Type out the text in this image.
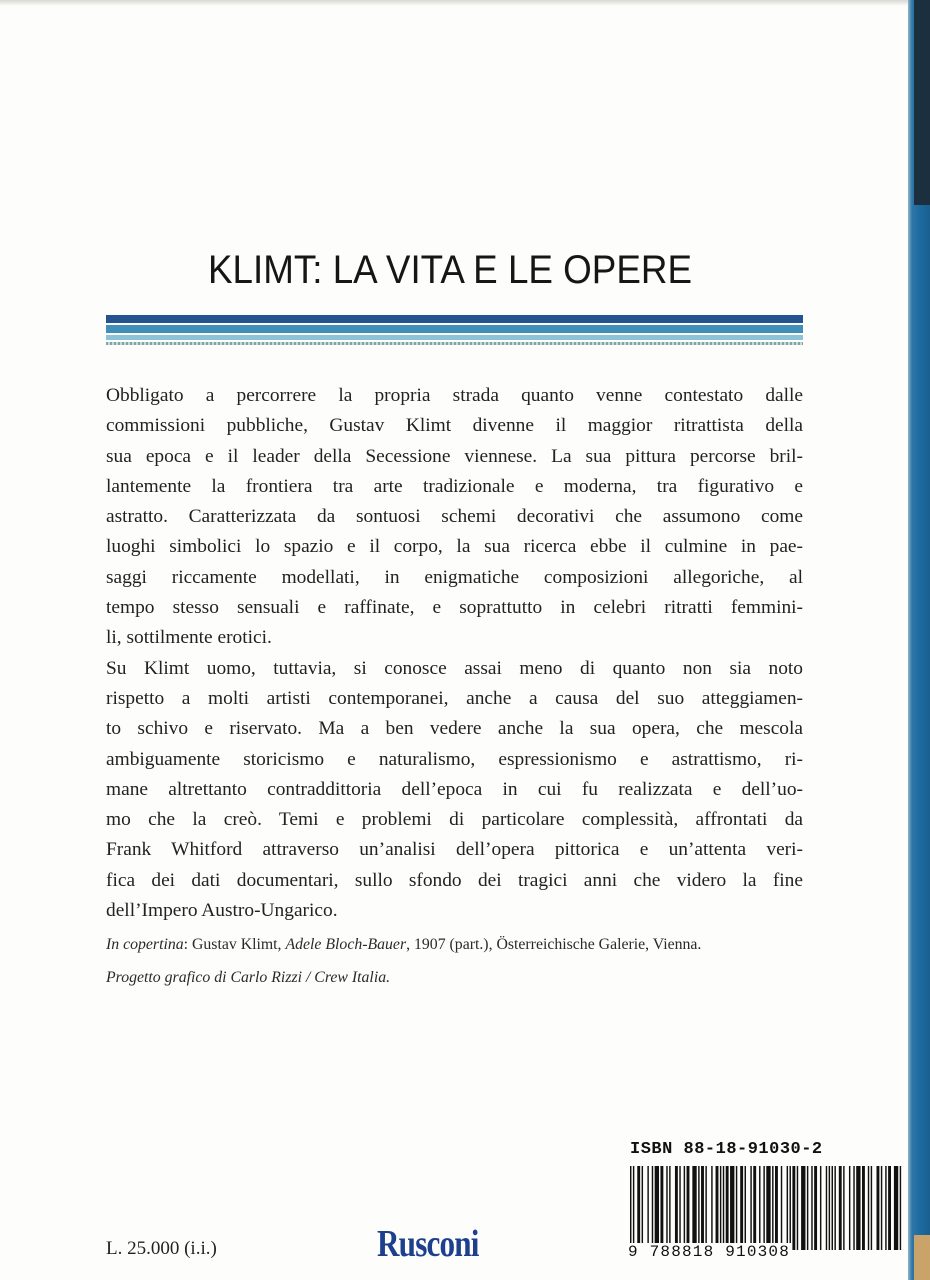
KLIMT: LA VITA E LE OPERE

Obbligato a percorrere la propria strada quanto venne contestato dalle
commissioni pubbliche, Gustav Klimt divenne il maggior ritrattista della
sua epoca e il leader della Secessione viennese. La sua pittura percorse bril-
lantemente la frontiera tra arte tradizionale e moderna, tra figurativo e
astratto. Caratterizzata da sontuosi schemi decorativi che assumono come
luoghi simbolici lo spazio e il corpo, la sua ricerca ebbe il culmine in pae-
saggi riccamente modellati, in enigmatiche composizioni allegoriche, al
tempo stesso sensuali e raffinate, e soprattutto in celebri ritratti femmini-
li, sottilmente erotici.

Su Klimt uomo, tuttavia, si conosce assai meno di quanto non sia noto
rispetto a molti artisti contemporanei, anche a causa del suo atteggiamen-
to schivo e riservato. Ma a ben vedere anche la sua opera, che mescola
ambiguamente storicismo e naturalismo, espressionismo e astrattismo, ri-
mane altrettanto contraddittoria dell’epoca in cui fu realizzata e dell’uo-
mo che la creò. Temi e problemi di particolare complessità, affrontati da
Frank Whitford attraverso un’analisi dell’opera pittorica e un’attenta veri-
fica dei dati documentari, sullo sfondo dei tragici anni che videro la fine
dell’Impero Austro-Ungarico.

In copertina: Gustav Klimt, Adele Bloch-Bauer, 1907 (part.), Österreichische Galerie, Vienna.
Progetto grafico di Carlo Rizzi / Crew Italia.
ISBN 88-18-91030-2
9 788818 910308
L. 25.000 (i.i.)	Rusconi
